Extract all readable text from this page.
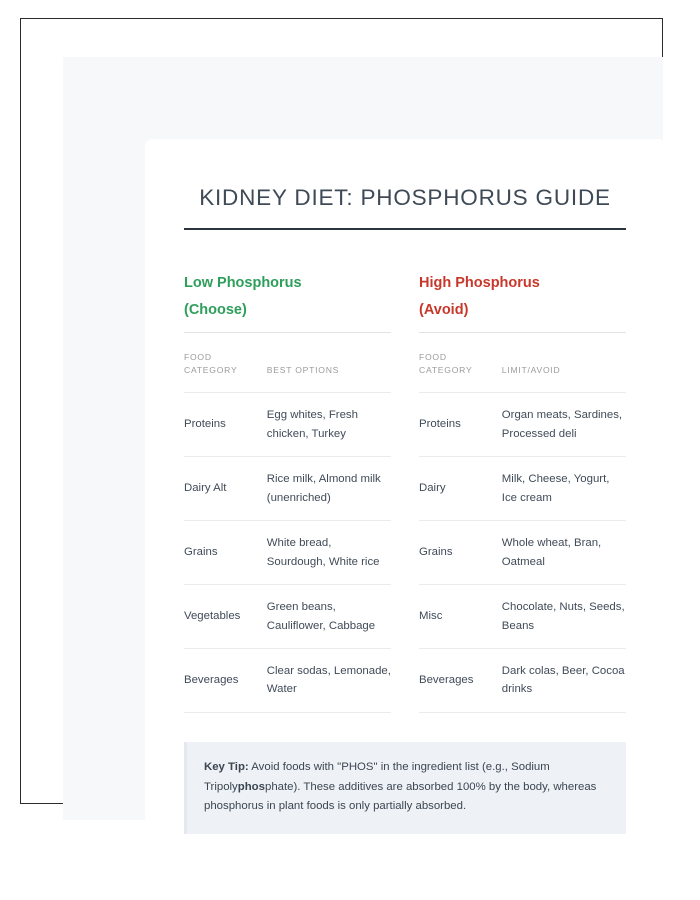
KIDNEY DIET: PHOSPHORUS GUIDE
Low Phosphorus
(Choose)
FOOD CATEGORY	BEST OPTIONS
Proteins	Egg whites, Fresh chicken, Turkey
Dairy Alt	Rice milk, Almond milk (unenriched)
Grains	White bread, Sourdough, White rice
Vegetables	Green beans, Cauliflower, Cabbage
Beverages	Clear sodas, Lemonade, Water
High Phosphorus
(Avoid)
FOOD CATEGORY	LIMIT/AVOID
Proteins	Organ meats, Sardines, Processed deli
Dairy	Milk, Cheese, Yogurt, Ice cream
Grains	Whole wheat, Bran, Oatmeal
Misc	Chocolate, Nuts, Seeds, Beans
Beverages	Dark colas, Beer, Cocoa drinks
Key Tip: Avoid foods with "PHOS" in the ingredient list (e.g., Sodium Tripolyphosphate). These additives are absorbed 100% by the body, whereas phosphorus in plant foods is only partially absorbed.
